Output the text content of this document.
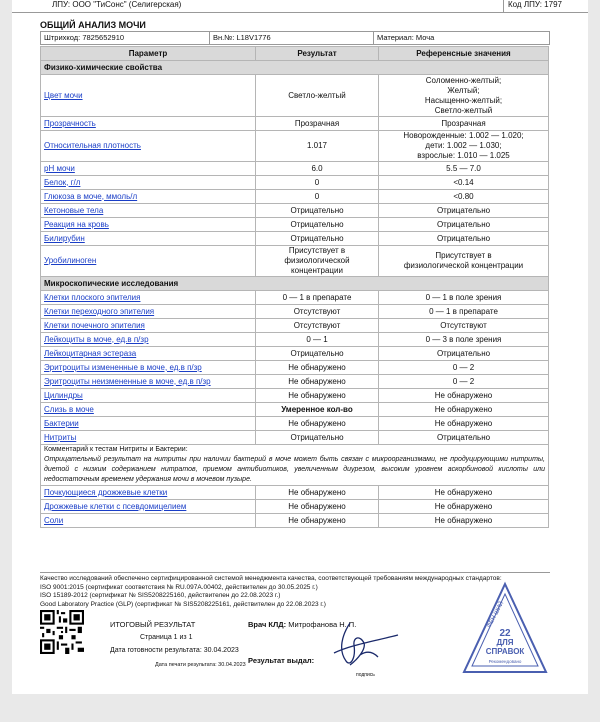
ЛПУ: ООО "ТиСонс" (Селигерская)	Код ЛПУ: 1797
ОБЩИЙ АНАЛИЗ МОЧИ
Штрихкод: 7825652910	Вн.№: L18V1776	Материал: Моча
Параметр	Результат	Референсные значения
Физико-химические свойства		
Цвет мочи	Светло-желтый	Соломенно-желтый;
Желтый;
Насыщенно-желтый;
Светло-желтый
Прозрачность	Прозрачная	Прозрачная
Относительная плотность	1.017	Новорожденные: 1.002 — 1.020;
дети: 1.002 — 1.030;
взрослые: 1.010 — 1.025
pH мочи	6.0	5.5 — 7.0
Белок, г/л	0	<0.14
Глюкоза в моче, ммоль/л	0	<0.80
Кетоновые тела	Отрицательно	Отрицательно
Реакция на кровь	Отрицательно	Отрицательно
Билирубин	Отрицательно	Отрицательно
Уробилиноген	Присутствует в
физиологической
концентрации	Присутствует в
физиологической концентрации
Микроскопические исследования		
Клетки плоского эпителия	0 — 1 в препарате	0 — 1 в поле зрения
Клетки переходного эпителия	Отсутствуют	0 — 1 в препарате
Клетки почечного эпителия	Отсутствуют	Отсутствуют
Лейкоциты в моче, ед.в п/зр	0 — 1	0 — 3 в поле зрения
Лейкоцитарная эстераза	Отрицательно	Отрицательно
Эритроциты измененные в моче, ед.в п/зр	Не обнаружено	0 — 2
Эритроциты неизмененные в моче, ед.в п/зр	Не обнаружено	0 — 2
Цилиндры	Не обнаружено	Не обнаружено
Слизь в моче	Умеренное кол-во	Не обнаружено
Бактерии	Не обнаружено	Не обнаружено
Нитриты	Отрицательно	Отрицательно

Комментарий к тестам Нитриты и Бактерии:
Отрицательный результат на нитриты при наличии бактерий в моче может быть связан с микроорганизмами, не продуцирующими нитриты, диетой с низким содержанием нитратов, приемом антибиотиков, увеличенным диурезом, высоким уровнем аскорбиновой кислоты или недостаточным временем удержания мочи в мочевом пузыре.		

Почкующиеся дрожжевые клетки	Не обнаружено	Не обнаружено
Дрожжевые клетки с псевдомицелием	Не обнаружено	Не обнаружено
Соли	Не обнаружено	Не обнаружено
Качество исследований обеспечено сертифицированной системой менеджмента качества, соответствующей требованиям международных стандартов:
ISO 9001:2015 (сертификат соответствия № RU.097A.00402, действителен до 30.05.2025 г.)
ISO 15189-2012 (сертификат № SIS5208225160, действителен до 22.08.2023 г.)
Good Laboratory Practice (GLP) (сертификат № SIS5208225161, действителен до 22.08.2023 г.)
ИТОГОВЫЙ РЕЗУЛЬТАТ	Врач КЛД: Митрофанова Н. П.
Страница 1 из 1
Дата готовности результата: 30.04.2023
Дата печати результата: 30.04.2023 Результат выдал:
подпись
ФЕН ШИЙ
22
ДЛЯ
СПРАВОК
Рекомендовано
